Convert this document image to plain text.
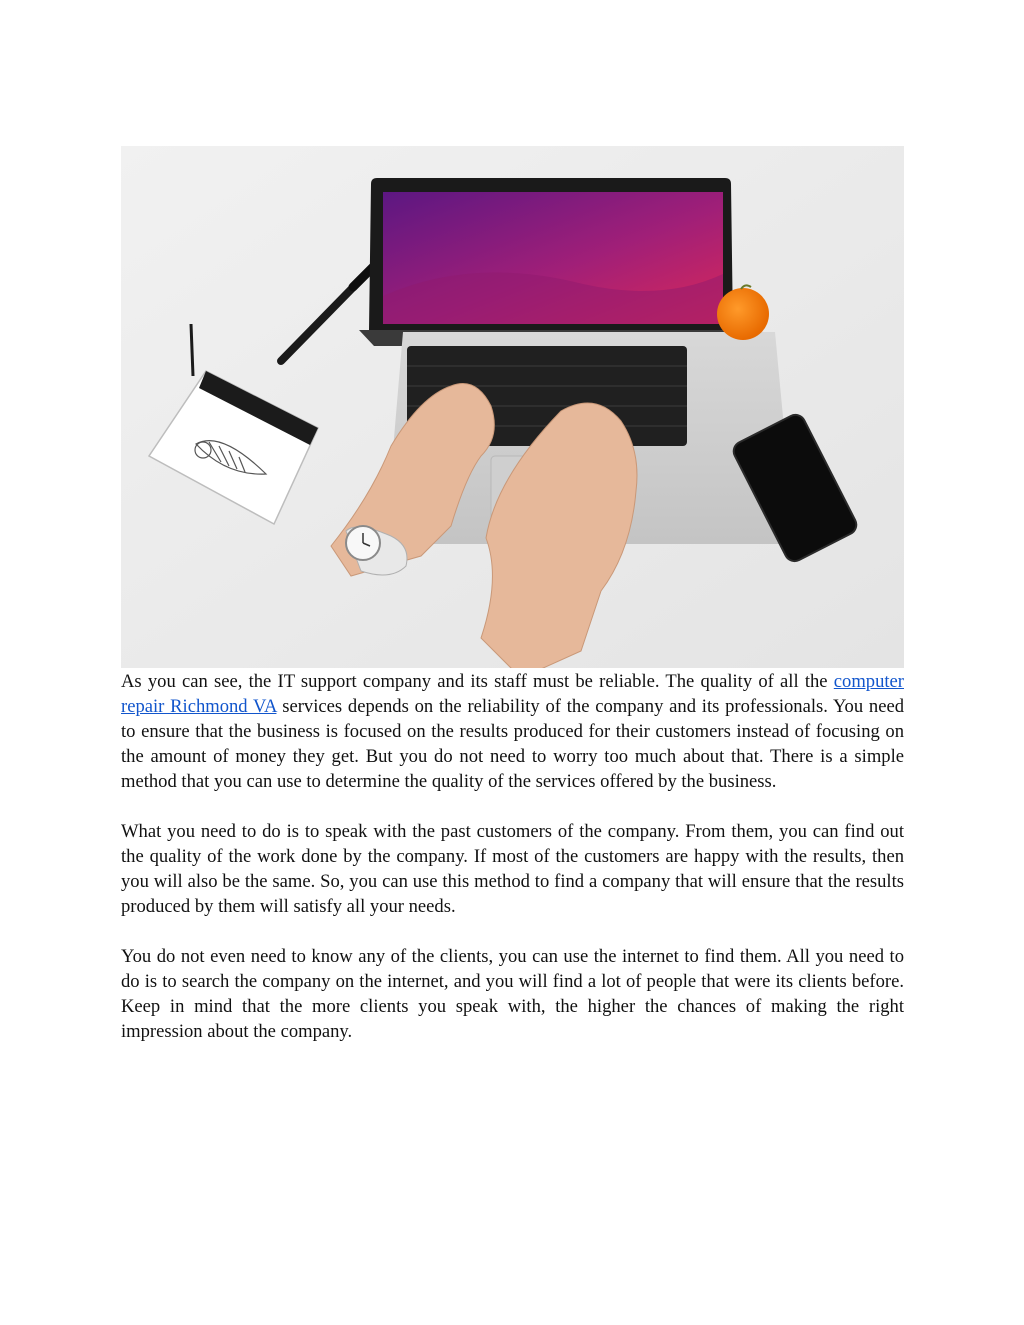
As you can see, the IT support company and its staff must be reliable. The quality of all the computer repair Richmond VA services depends on the reliability of the company and its professionals. You need to ensure that the business is focused on the results produced for their customers instead of focusing on the amount of money they get. But you do not need to worry too much about that. There is a simple method that you can use to determine the quality of the services offered by the business.

What you need to do is to speak with the past customers of the company. From them, you can find out the quality of the work done by the company. If most of the customers are happy with the results, then you will also be the same. So, you can use this method to find a company that will ensure that the results produced by them will satisfy all your needs.

You do not even need to know any of the clients, you can use the internet to find them. All you need to do is to search the company on the internet, and you will find a lot of people that were its clients before. Keep in mind that the more clients you speak with, the higher the chances of making the right impression about the company.
